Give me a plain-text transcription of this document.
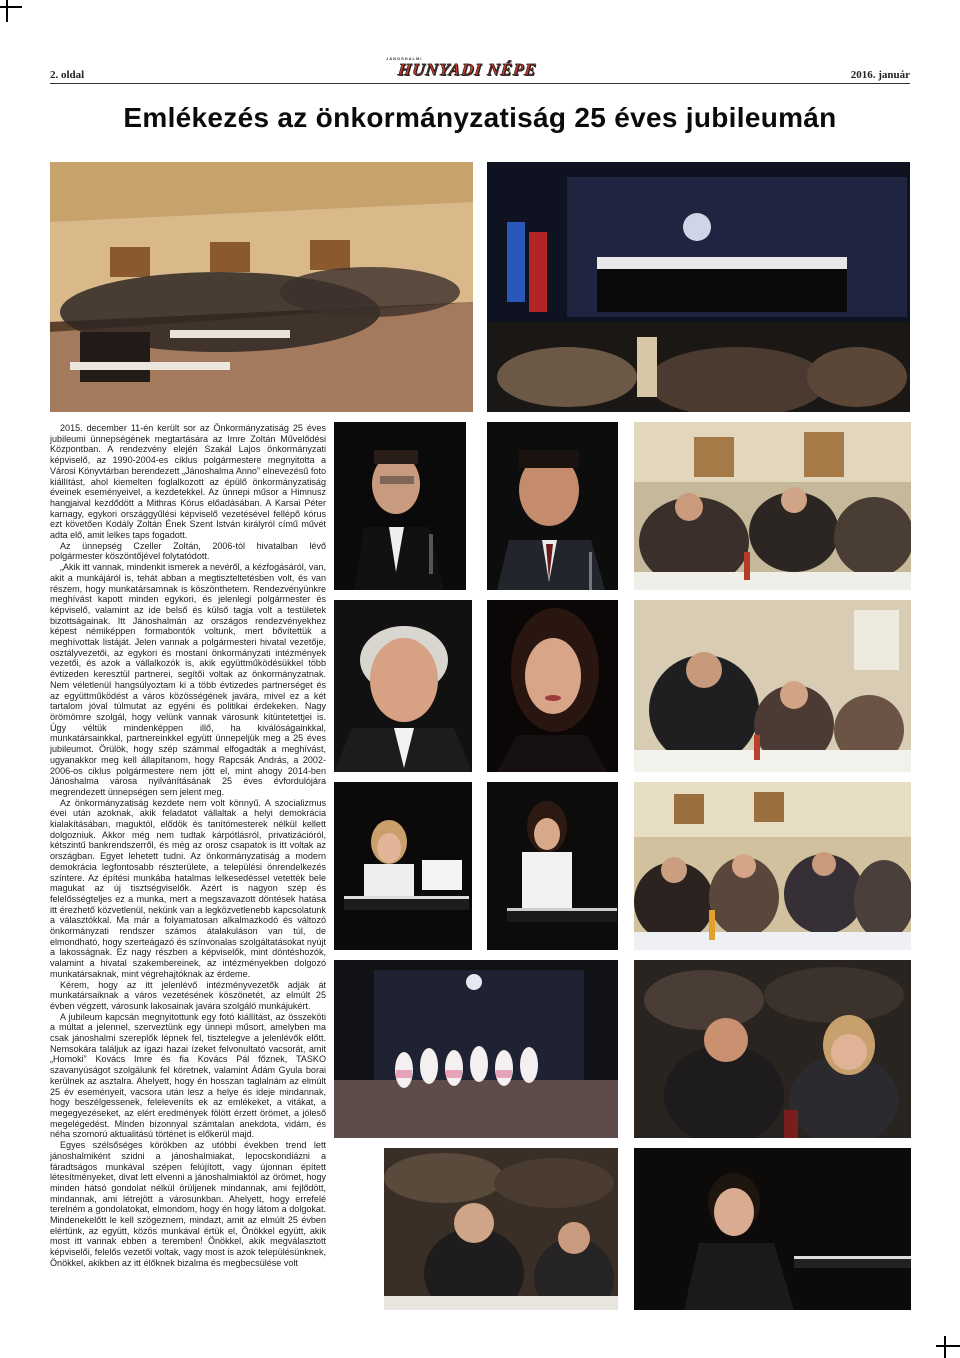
2. oldal	2016. január
JÁNOSHALMI
HUNYADI NÉPE
Emlékezés az önkormányzatiság 25 éves jubileumán

2015. december 11-én került sor az Önkormányzatiság 25 éves jubileumi ünnepségének megtartására az Imre Zoltán Művelődési Központban. A rendezvény elején Szakál Lajos önkormányzati képviselő, az 1990-2004-es ciklus polgármestere megnyitotta a Városi Könyvtárban berendezett „Jánoshalma Anno” elnevezésű foto kiállítást, ahol kiemelten foglalkozott az épülő önkormányzatiság éveinek eseményeivel, a kezdetekkel. Az ünnepi műsor a Himnusz hangjaival kezdődött a Mithras Kórus előadásában. A Karsai Péter karnagy, egykori országgyűlési képviselő vezetésével fellépő kórus ezt követően Kodály Zoltán Ének Szent István királyról című művét adta elő, amit lelkes taps fogadott.

Az ünnepség Czeller Zoltán, 2006-tól hivatalban lévő polgármester köszöntőjével folytatódott.

„Akik itt vannak, mindenkit ismerek a nevéről, a kézfogásáról, van, akit a munkájáról is, tehát abban a megtiszteltetésben volt, és van részem, hogy munkatársamnak is köszönthetem. Rendezvényünkre meghívást kapott minden egykori, és jelenlegi polgármester és képviselő, valamint az ide belső és külső tagja volt a testületek bizottságainak. Itt Jánoshalmán az országos rendezvényekhez képest némiképpen formabontók voltunk, mert bővítettük a meghívottak listáját. Jelen vannak a polgármesteri hivatal vezetője, osztályvezetői, az egykori és mostani önkormányzati intézmények vezetői, és azok a vállalkozók is, akik együttműködésükkel több évtizeden keresztül partnerei, segítői voltak az önkormányzatnak. Nem véletlenül hangsúlyoztam ki a több évtizedes partnerséget és az együttműködést a város közösségének javára, mivel ez a két tartalom jóval túlmutat az egyéni és politikai érdekeken. Nagy örömömre szolgál, hogy velünk vannak városunk kitüntetettjei is. Úgy véltük mindenképpen illő, ha kiválóságainkkal, munkatársainkkal, partnereinkkel együtt ünnepeljük meg a 25 éves jubileumot. Örülök, hogy szép számmal elfogadták a meghívást, ugyanakkor meg kell állapítanom, hogy Rapcsák András, a 2002-2006-os ciklus polgármestere nem jött el, mint ahogy 2014-ben Jánoshalma városa nyilvánításának 25 éves évfordulójára megrendezett ünnepségen sem jelent meg.

Az önkormányzatiság kezdete nem volt könnyű. A szocializmus évei után azoknak, akik feladatot vállaltak a helyi demokrácia kialakításában, maguktól, elődök és tanítómesterek nélkül kellett dolgozniuk. Akkor még nem tudtak kárpótlásról, privatizációról, kétszintű bankrendszerről, és még az orosz csapatok is itt voltak az országban. Egyet lehetett tudni. Az önkormányzatiság a modern demokrácia legfontosabb részterülete, a települési önrendelkezés színtere. Az építési munkába hatalmas lelkesedéssel vetették bele magukat az új tisztségviselők. Azért is nagyon szép és felelősségteljes ez a munka, mert a megszavazott döntések hatása itt érezhető közvetlenül, nekünk van a legközvetlenebb kapcsolatunk a választókkal. Ma már a folyamatosan alkalmazkodó és változó önkormányzati rendszer számos átalakuláson van túl, de elmondható, hogy szerteágazó és színvonalas szolgáltatásokat nyújt a lakosságnak. Ez nagy részben a képviselők, mint döntéshozók, valamint a hivatal szakembereinek, az intézményekben dolgozó munkatársaknak, mint végrehajtóknak az érdeme.

Kérem, hogy az itt jelenlévő intézményvezetők adják át munkatársaiknak a város vezetésének köszönetét, az elmúlt 25 évben végzett, városunk lakosainak javára szolgáló munkájukért.

A jubileum kapcsán megnyitottunk egy fotó kiállítást, az összeköti a múltat a jelennel, szerveztünk egy ünnepi műsort, amelyben ma csak jánoshalmi szereplők lépnek fel, tisztelegve a jelenlévők előtt. Nemsokára találjuk az igazi hazai ízeket felvonultató vacsorát, amit „Homoki” Kovács Imre és fia Kovács Pál főznek, TASKO szavanyúságot szolgálunk fel köretnek, valamint Ádám Gyula borai kerülnek az asztalra. Ahelyett, hogy én hosszan taglalnám az elmúlt 25 év eseményeit, vacsora után lesz a helye és ideje mindannak, hogy beszélgessenek, feleleveníts ek az emlékeket, a vitákat, a megegyezéseket, az elért eredmények fölött érzett örömet, a jóleső megelégedést. Minden bizonnyal számtalan anekdota, vidám, és néha szomorú aktualitású történet is előkerül majd.

Egyes szélsőséges körökben az utóbbi években trend lett jánoshalmiként szidni a jánoshalmiakat, lepocskondiázni a fáradtságos munkával szépen felújított, vagy újonnan épített létesítményeket, divat lett elvenni a jánoshalmiaktól az örömet, hogy minden hátsó gondolat nélkül örüljenek mindannak, ami fejlődött, mindannak, ami létrejött a városunkban. Ahelyett, hogy errefelé terelném a gondolatokat, elmondom, hogy én hogy látom a dolgokat. Mindenekelőtt le kell szögeznem, mindazt, amit az elmúlt 25 évben elértünk, az együtt, közös munkával értük el, Önökkel együtt, akik most itt vannak ebben a teremben! Önökkel, akik megválasztott képviselői, felelős vezetői voltak, vagy most is azok településünknek, Önökkel, akikben az itt élőknek bizalma és megbecsülése volt
